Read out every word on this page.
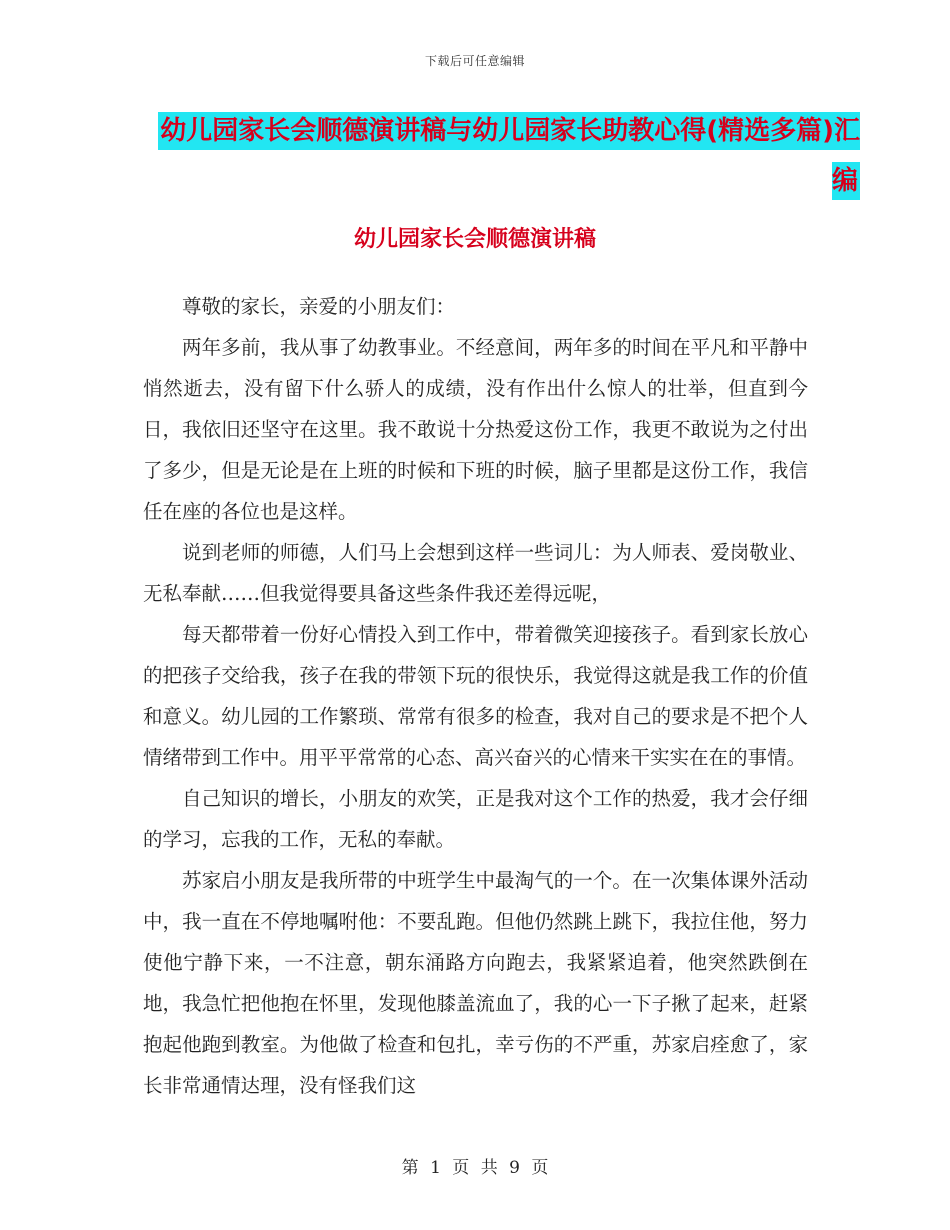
下载后可任意编辑
幼儿园家长会顺德演讲稿与幼儿园家长助教心得(精选多篇)汇编
幼儿园家长会顺德演讲稿

尊敬的家长，亲爱的小朋友们：

两年多前，我从事了幼教事业。不经意间，两年多的时间在平凡和平静中悄然逝去，没有留下什么骄人的成绩，没有作出什么惊人的壮举，但直到今日，我依旧还坚守在这里。我不敢说十分热爱这份工作，我更不敢说为之付出了多少，但是无论是在上班的时候和下班的时候，脑子里都是这份工作，我信任在座的各位也是这样。

说到老师的师德，人们马上会想到这样一些词儿：为人师表、爱岗敬业、无私奉献……但我觉得要具备这些条件我还差得远呢，

每天都带着一份好心情投入到工作中，带着微笑迎接孩子。看到家长放心的把孩子交给我，孩子在我的带领下玩的很快乐，我觉得这就是我工作的价值和意义。幼儿园的工作繁琐、常常有很多的检查，我对自己的要求是不把个人情绪带到工作中。用平平常常的心态、高兴奋兴的心情来干实实在在的事情。

自己知识的增长，小朋友的欢笑，正是我对这个工作的热爱，我才会仔细的学习，忘我的工作，无私的奉献。

苏家启小朋友是我所带的中班学生中最淘气的一个。在一次集体课外活动中，我一直在不停地嘱咐他：不要乱跑。但他仍然跳上跳下，我拉住他，努力使他宁静下来，一不注意，朝东涌路方向跑去，我紧紧追着，他突然跌倒在地，我急忙把他抱在怀里，发现他膝盖流血了，我的心一下子揪了起来，赶紧抱起他跑到教室。为他做了检查和包扎，幸亏伤的不严重，苏家启痊愈了，家长非常通情达理，没有怪我们这

第 1 页 共 9 页
